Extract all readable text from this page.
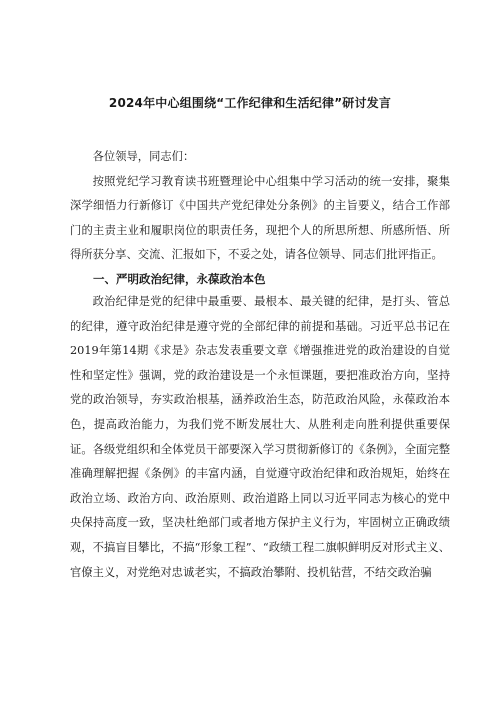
2024年中心组围绕“工作纪律和生活纪律”研讨发言

各位领导，同志们：

按照党纪学习教育读书班暨理论中心组集中学习活动的统一安排，聚集深学细悟力行新修订《中国共产党纪律处分条例》的主旨要义，结合工作部门的主责主业和履职岗位的职责任务，现把个人的所思所想、所感所悟、所得所获分享、交流、汇报如下，不妥之处，请各位领导、同志们批评指正。

一、严明政治纪律，永葆政治本色

政治纪律是党的纪律中最重要、最根本、最关键的纪律，是打头、管总的纪律，遵守政治纪律是遵守党的全部纪律的前提和基础。习近平总书记在2019年第14期《求是》杂志发表重要文章《增强推进党的政治建设的自觉性和坚定性》强调，党的政治建设是一个永恒课题，要把准政治方向，坚持党的政治领导，夯实政治根基，涵养政治生态，防范政治风险，永葆政治本色，提高政治能力，为我们党不断发展壮大、从胜利走向胜利提供重要保证。各级党组织和全体党员干部要深入学习贯彻新修订的《条例》，全面完整准确理解把握《条例》的丰富内涵，自觉遵守政治纪律和政治规矩，始终在政治立场、政治方向、政治原则、政治道路上同以习近平同志为核心的党中央保持高度一致，坚决杜绝部门或者地方保护主义行为，牢固树立正确政绩观，不搞盲目攀比，不搞“形象工程”、“政绩工程二旗帜鲜明反对形式主义、官僚主义，对党绝对忠诚老实，不搞政治攀附、投机钻营，不结交政治骗
